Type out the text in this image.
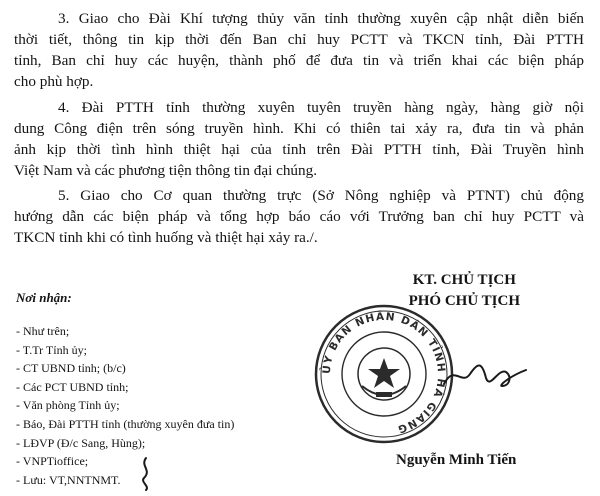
3. Giao cho Đài Khí tượng thủy văn tỉnh thường xuyên cập nhật diễn biến
thời tiết, thông tin kịp thời đến Ban chỉ huy PCTT và TKCN tỉnh, Đài PTTH
tỉnh, Ban chỉ huy các huyện, thành phố để đưa tin và triển khai các biện pháp
cho phù hợp.
4. Đài PTTH tỉnh thường xuyên tuyên truyền hàng ngày, hàng giờ nội
dung Công điện trên sóng truyền hình. Khi có thiên tai xảy ra, đưa tin và phản
ảnh kịp thời tình hình thiệt hại của tỉnh trên Đài PTTH tỉnh, Đài Truyền hình
Việt Nam và các phương tiện thông tin đại chúng.
5. Giao cho Cơ quan thường trực (Sở Nông nghiệp và PTNT) chủ động
hướng dẫn các biện pháp và tổng hợp báo cáo với Trưởng ban chỉ huy PCTT và
TKCN tỉnh khi có tình huống và thiệt hại xảy ra./.
Nơi nhận:
- Như trên;
- T.Tr Tỉnh ủy;
- CT UBND tỉnh; (b/c)
- Các PCT UBND tỉnh;
- Văn phòng Tỉnh ủy;
- Báo, Đài PTTH tỉnh (thường xuyên đưa tin)
- LĐVP (Đ/c Sang, Hùng);
- VNPTioffice;
- Lưu: VT,NNTNMT.
KT. CHỦ TỊCH
PHÓ CHỦ TỊCH
ỦY BAN NHÂN DÂN TỈNH HÀ GIANG
Nguyễn Minh Tiến
